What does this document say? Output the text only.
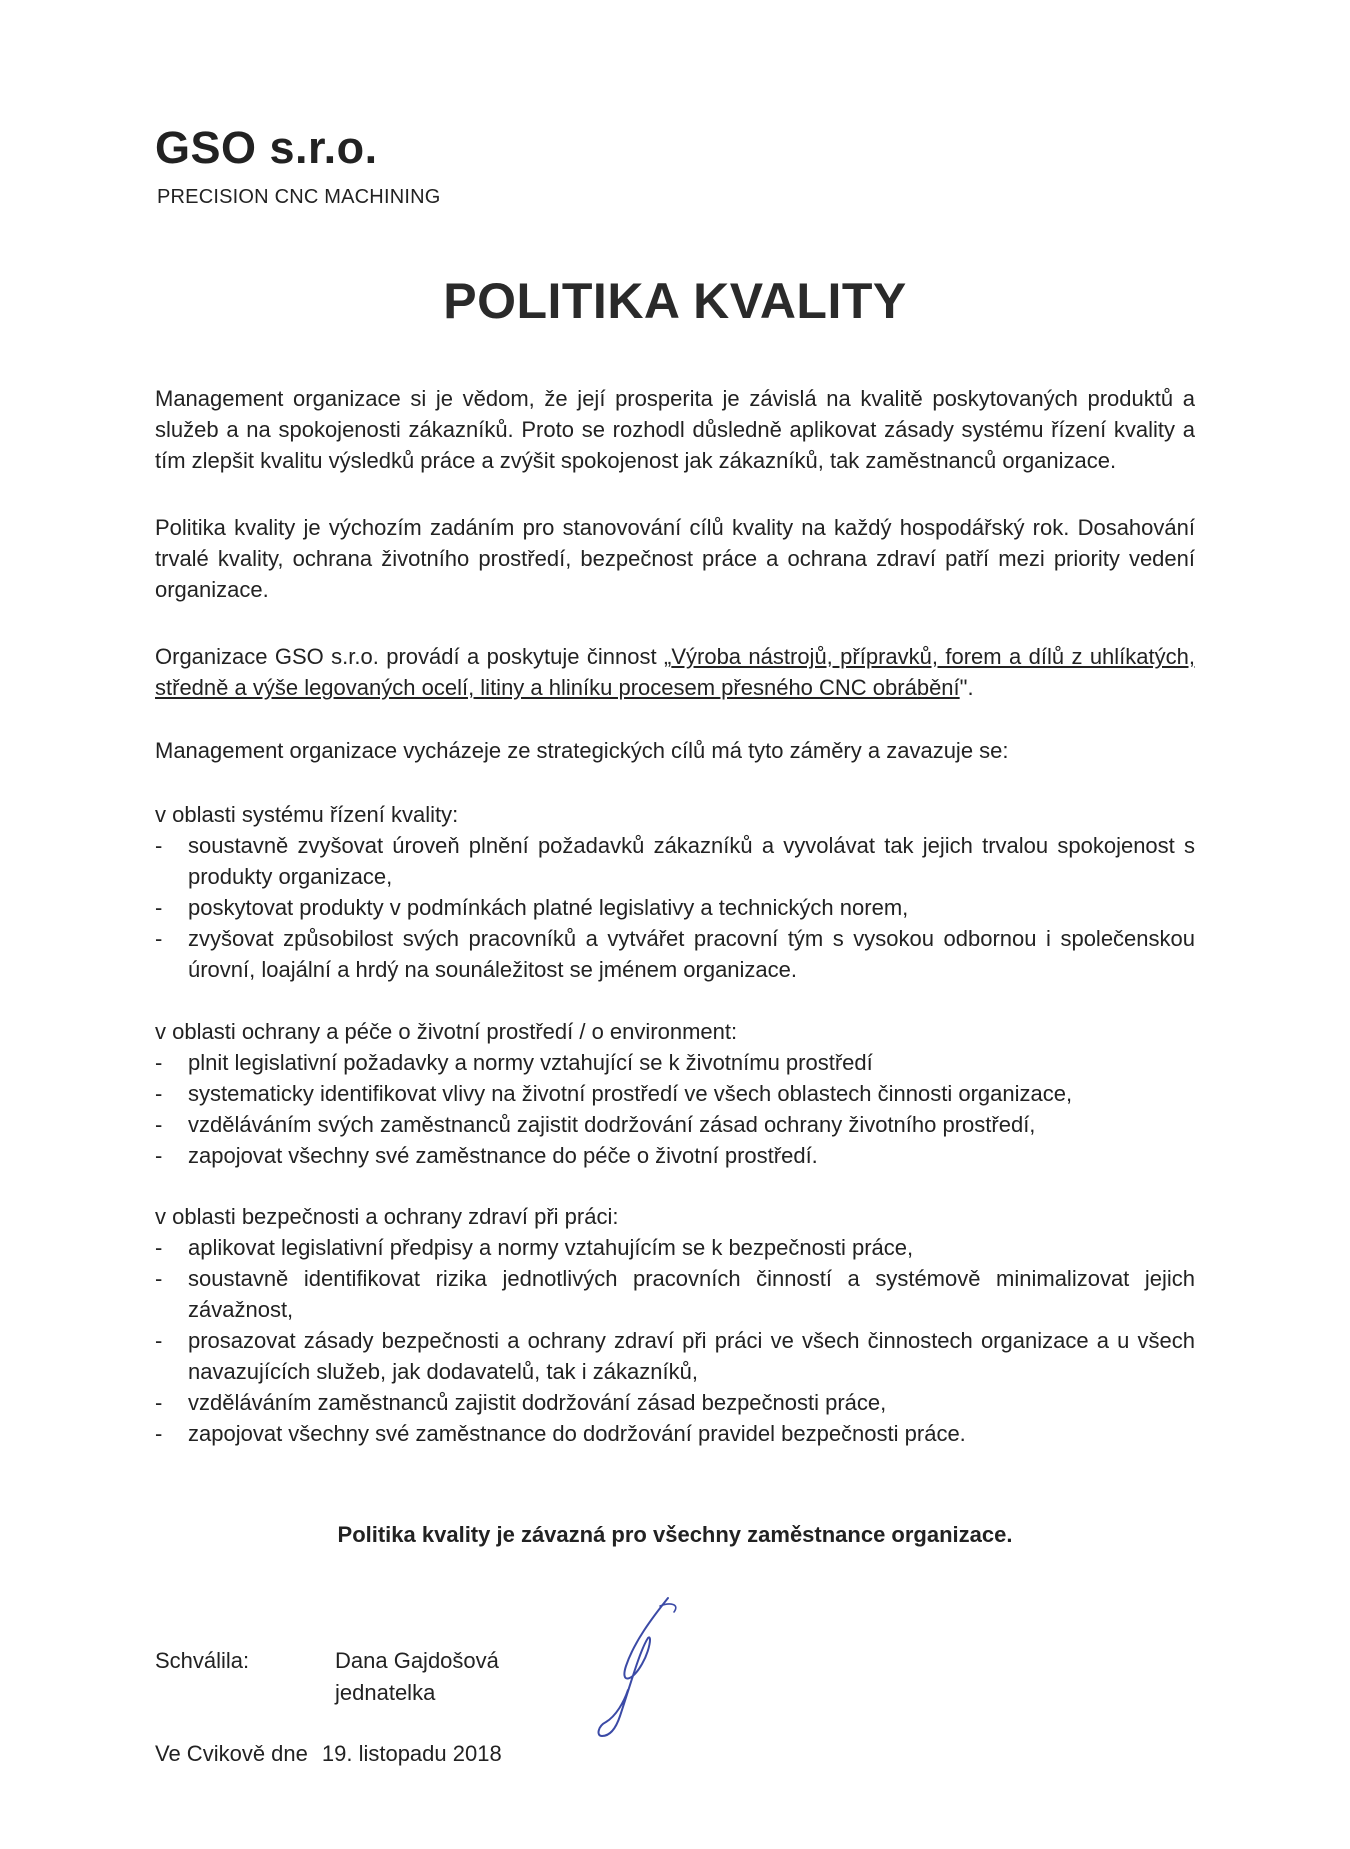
GSO s.r.o.
PRECISION CNC MACHINING
POLITIKA KVALITY
Management organizace si je vědom, že její prosperita je závislá na kvalitě poskytovaných produktů a služeb a na spokojenosti zákazníků. Proto se rozhodl důsledně aplikovat zásady systému řízení kvality a tím zlepšit kvalitu výsledků práce a zvýšit spokojenost jak zákazníků, tak zaměstnanců organizace.
Politika kvality je výchozím zadáním pro stanovování cílů kvality na každý hospodářský rok. Dosahování trvalé kvality, ochrana životního prostředí, bezpečnost práce a ochrana zdraví patří mezi priority vedení organizace.
Organizace GSO s.r.o. provádí a poskytuje činnost „Výroba nástrojů, přípravků, forem a dílů z uhlíkatých, středně a výše legovaných ocelí, litiny a hliníku procesem přesného CNC obrábění".
Management organizace vycházeje ze strategických cílů má tyto záměry a zavazuje se:
v oblasti systému řízení kvality:
- soustavně zvyšovat úroveň plnění požadavků zákazníků a vyvolávat tak jejich trvalou spokojenost s produkty organizace,
- poskytovat produkty v podmínkách platné legislativy a technických norem,
- zvyšovat způsobilost svých pracovníků a vytvářet pracovní tým s vysokou odbornou i společenskou úrovní, loajální a hrdý na sounáležitost se jménem organizace.
v oblasti ochrany a péče o životní prostředí / o environment:
- plnit legislativní požadavky a normy vztahující se k životnímu prostředí
- systematicky identifikovat vlivy na životní prostředí ve všech oblastech činnosti organizace,
- vzděláváním svých zaměstnanců zajistit dodržování zásad ochrany životního prostředí,
- zapojovat všechny své zaměstnance do péče o životní prostředí.
v oblasti bezpečnosti a ochrany zdraví při práci:
- aplikovat legislativní předpisy a normy vztahujícím se k bezpečnosti práce,
- soustavně identifikovat rizika jednotlivých pracovních činností a systémově minimalizovat jejich závažnost,
- prosazovat zásady bezpečnosti a ochrany zdraví při práci ve všech činnostech organizace a u všech navazujících služeb, jak dodavatelů, tak i zákazníků,
- vzděláváním zaměstnanců zajistit dodržování zásad bezpečnosti práce,
- zapojovat všechny své zaměstnance do dodržování pravidel bezpečnosti práce.
Politika kvality je závazná pro všechny zaměstnance organizace.
Schválila:	Dana Gajdošová
jednatelka
Ve Cvikově dne 19. listopadu 2018
